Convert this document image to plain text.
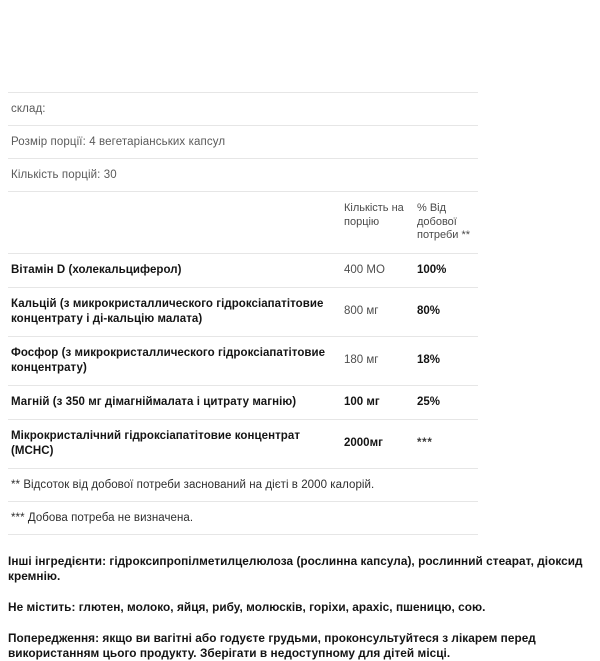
склад:		

Розмір порції: 4 вегетаріанських капсул		

Кількість порцій: 30		

	Кількість на порцію	% Від добової потреби **

Вітамін D (холекальциферол)	400 МО	100%

Кальцій (з микрокристаллического гідроксіапатітовие концентрату і ді-кальцію малата)	800 мг	80%

Фосфор (з микрокристаллического гідроксіапатітовие концентрату)	180 мг	18%

Магній (з 350 мг дімагніймалата і цитрату магнію)	100 мг	25%

Мікрокристалічний гідроксіапатітовие концентрат (MCHC)	2000мг	***

** Відсоток від добової потреби заснований на дієті в 2000 калорій.		

*** Добова потреба не визначена.		

Інші інгредієнти: гідроксипропілметилцелюлоза (рослинна капсула), рослинний стеарат, діоксид кремнію.

Не містить: глютен, молоко, яйця, рибу, молюсків, горіхи, арахіс, пшеницю, сою.

Попередження: якщо ви вагітні або годуєте грудьми, проконсультуйтеся з лікарем перед використанням цього продукту. Зберігати в недоступному для дітей місці.
